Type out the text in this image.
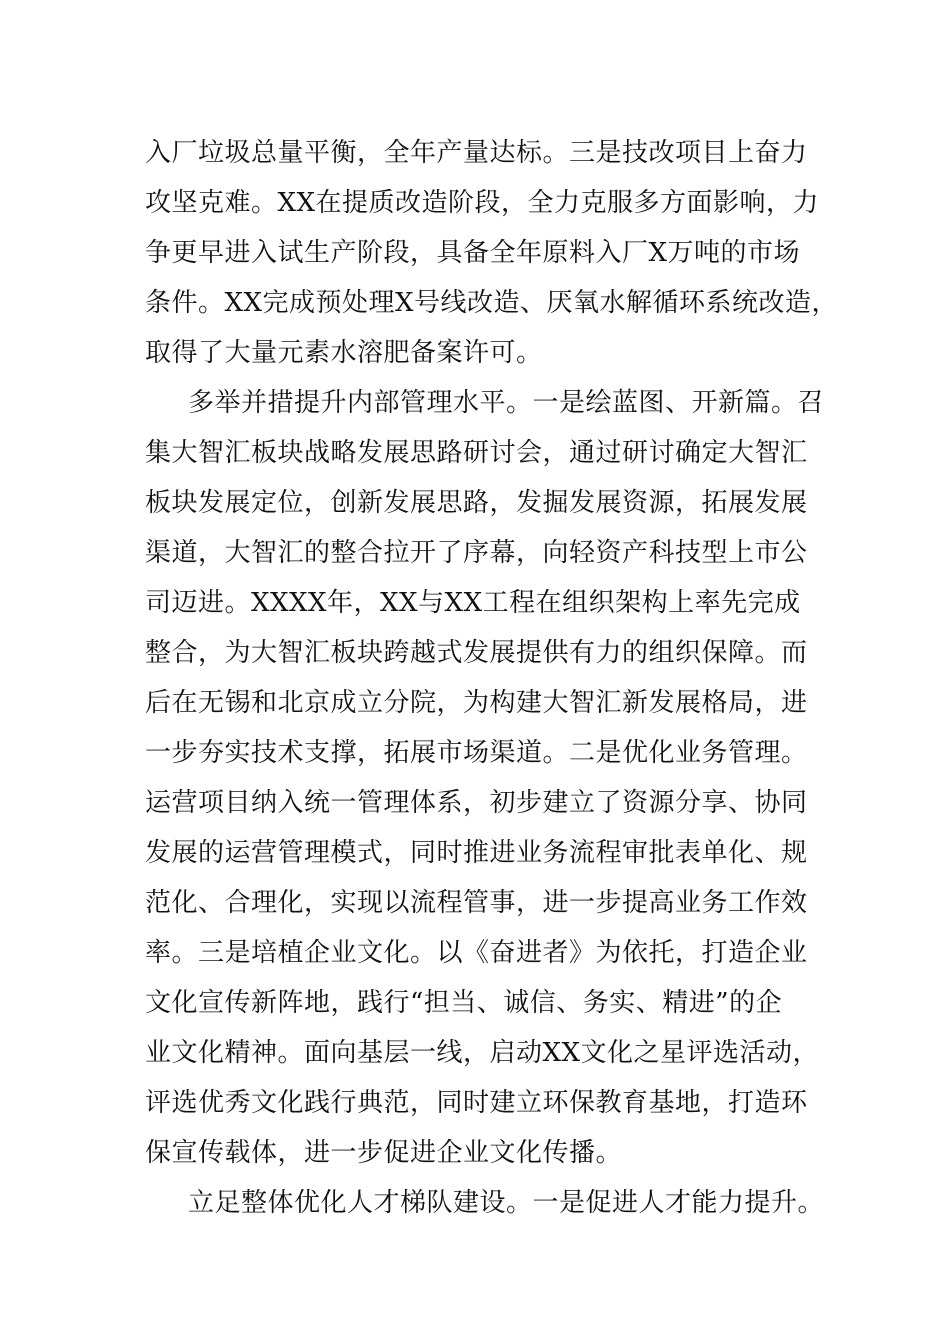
入厂垃圾总量平衡，全年产量达标。三是技改项目上奋力
攻坚克难。XX在提质改造阶段，全力克服多方面影响，力
争更早进入试生产阶段，具备全年原料入厂X万吨的市场
条件。XX完成预处理X号线改造、厌氧水解循环系统改造，
取得了大量元素水溶肥备案许可。
多举并措提升内部管理水平。一是绘蓝图、开新篇。召
集大智汇板块战略发展思路研讨会，通过研讨确定大智汇
板块发展定位，创新发展思路，发掘发展资源，拓展发展
渠道，大智汇的整合拉开了序幕，向轻资产科技型上市公
司迈进。XXXX年，XX与XX工程在组织架构上率先完成
整合，为大智汇板块跨越式发展提供有力的组织保障。而
后在无锡和北京成立分院，为构建大智汇新发展格局，进
一步夯实技术支撑，拓展市场渠道。二是优化业务管理。
运营项目纳入统一管理体系，初步建立了资源分享、协同
发展的运营管理模式，同时推进业务流程审批表单化、规
范化、合理化，实现以流程管事，进一步提高业务工作效
率。三是培植企业文化。以《奋进者》为依托，打造企业
文化宣传新阵地，践行“担当、诚信、务实、精进”的企
业文化精神。面向基层一线，启动XX文化之星评选活动，
评选优秀文化践行典范，同时建立环保教育基地，打造环
保宣传载体，进一步促进企业文化传播。
立足整体优化人才梯队建设。一是促进人才能力提升。
